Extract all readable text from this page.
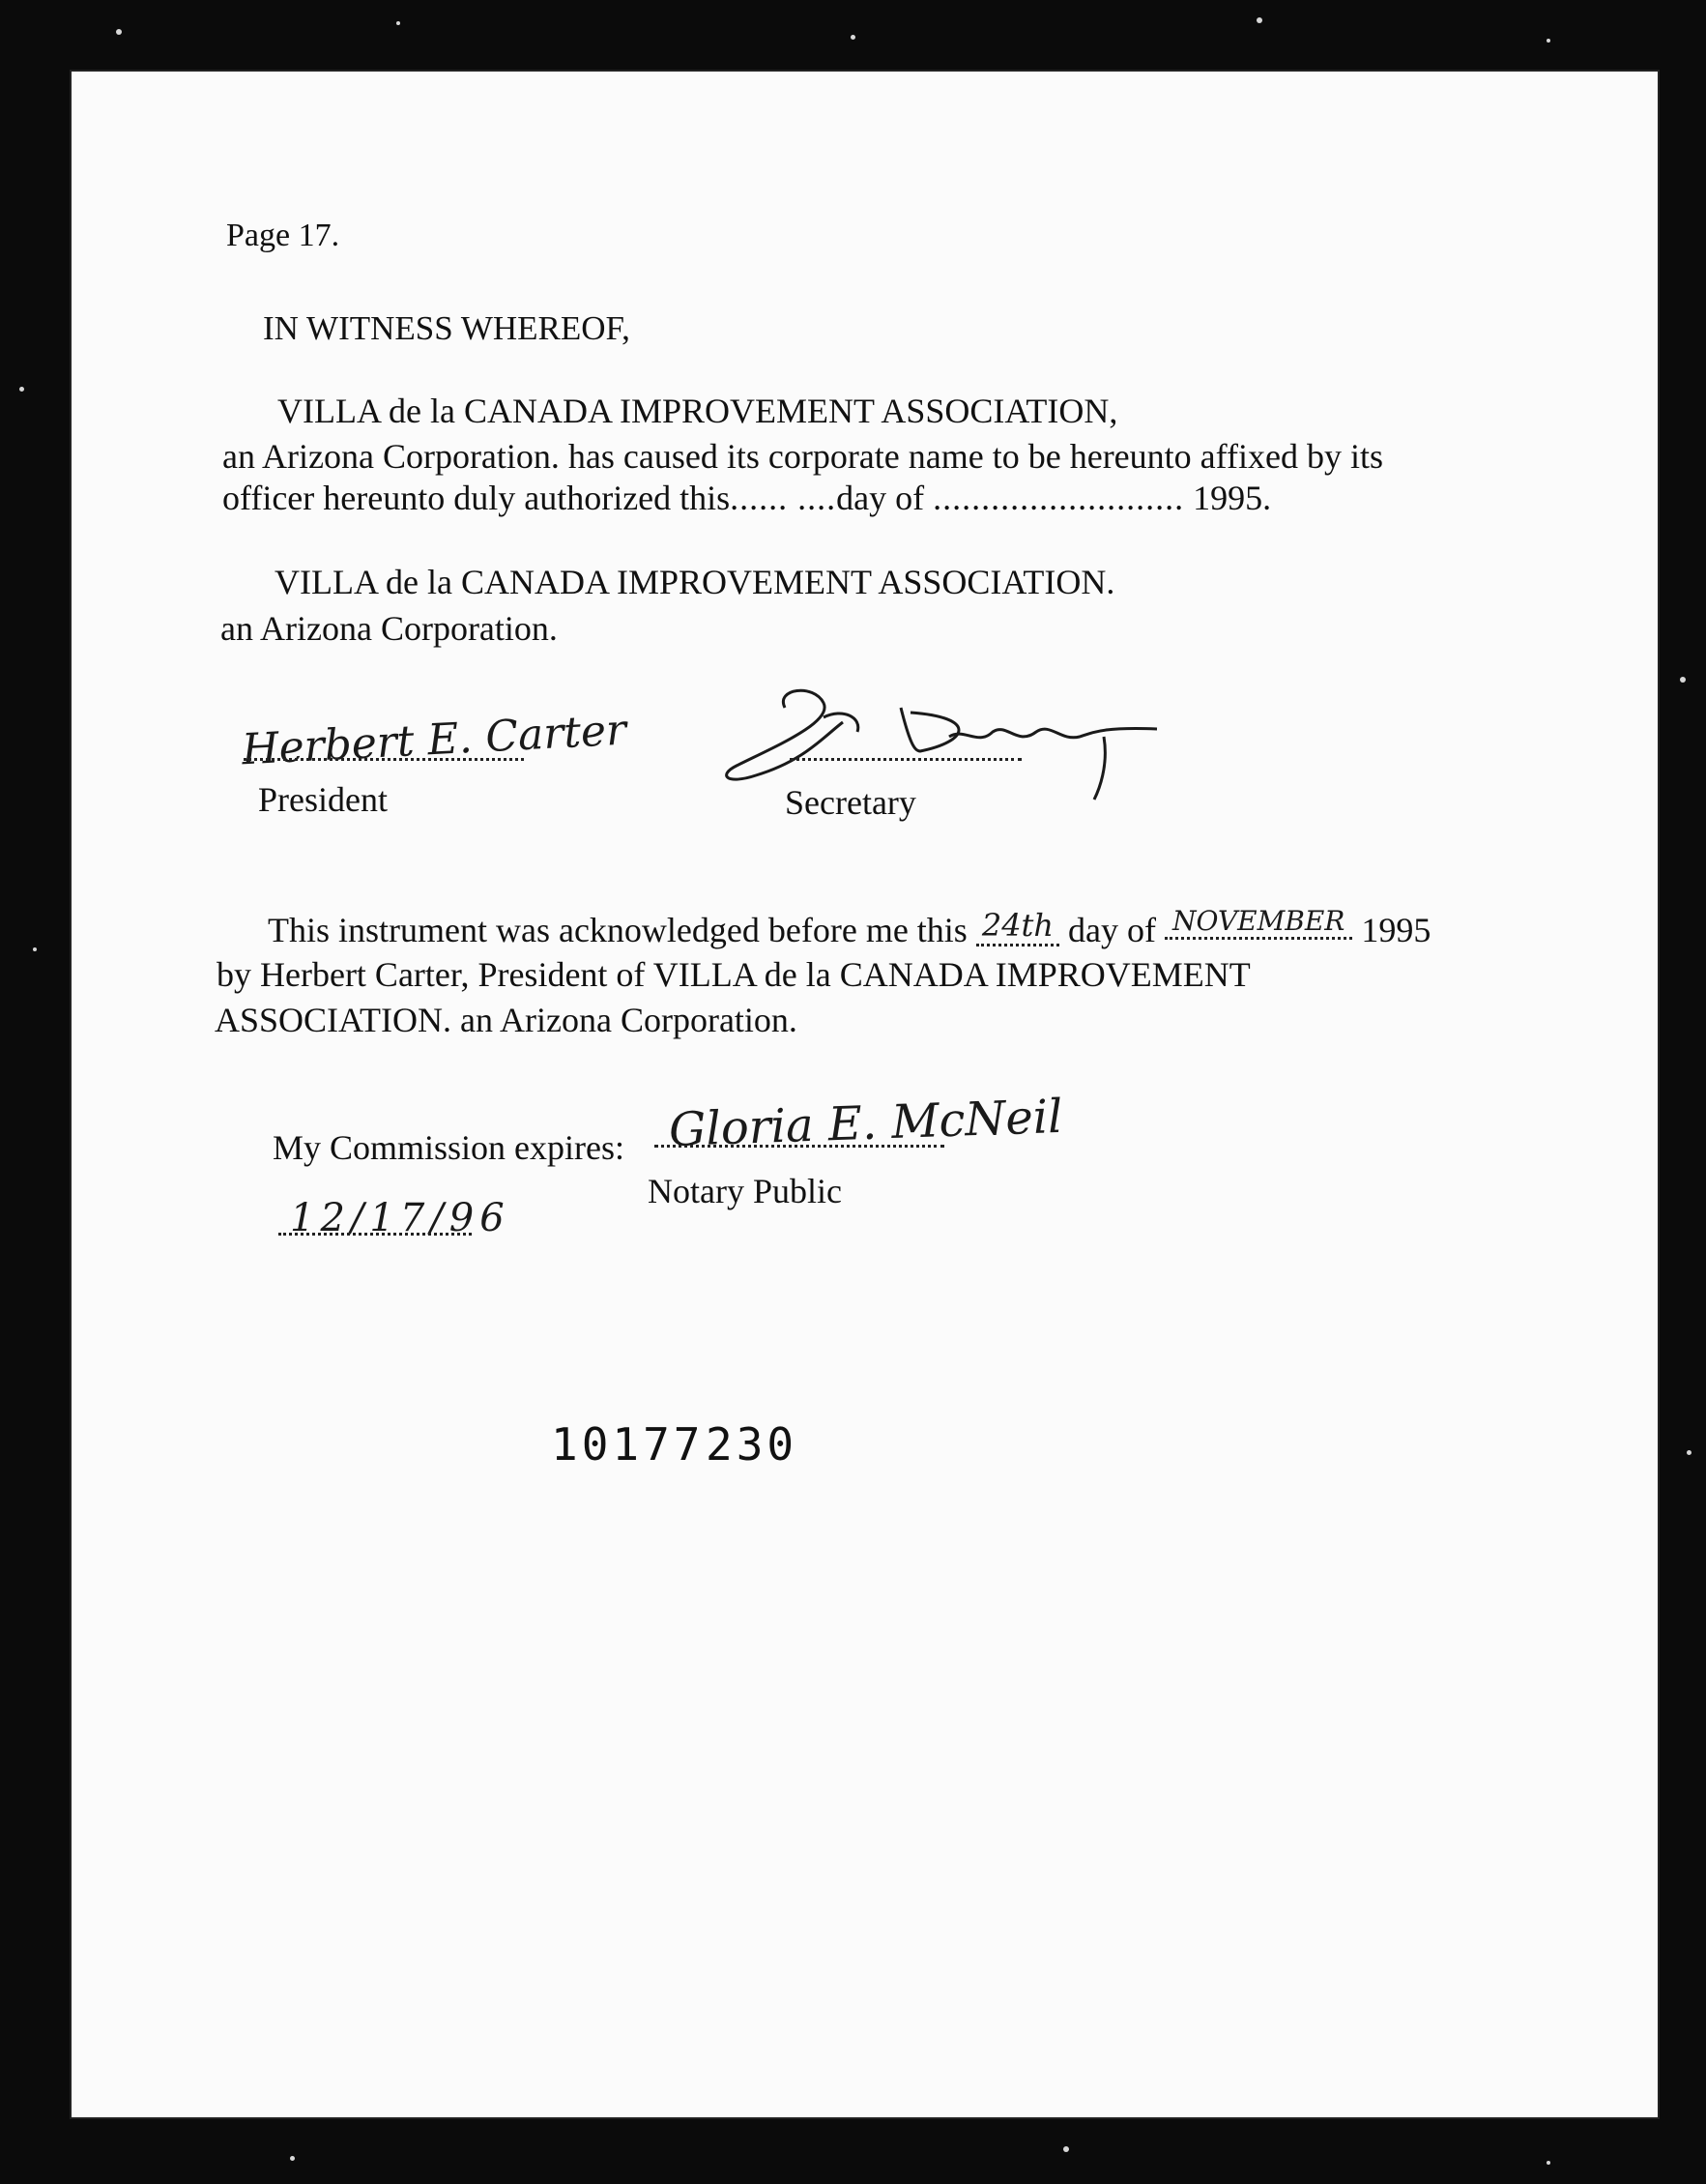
Page 17.
IN WITNESS WHEREOF,
VILLA de la CANADA IMPROVEMENT ASSOCIATION,
an Arizona Corporation. has caused its corporate name to be hereunto affixed by its
officer hereunto duly authorized this...... ....day of .......................... 1995.
VILLA de la CANADA IMPROVEMENT ASSOCIATION.
an Arizona Corporation.
Herbert E. Carter
President	Secretary
This instrument was acknowledged before me this 24th day of $^{NOVEMBER}$ 1995
by Herbert Carter, President of VILLA de la CANADA IMPROVEMENT
ASSOCIATION. an Arizona Corporation.
My Commission expires: Gloria E. McNeil
Notary Public
12/17/96
10177 230
